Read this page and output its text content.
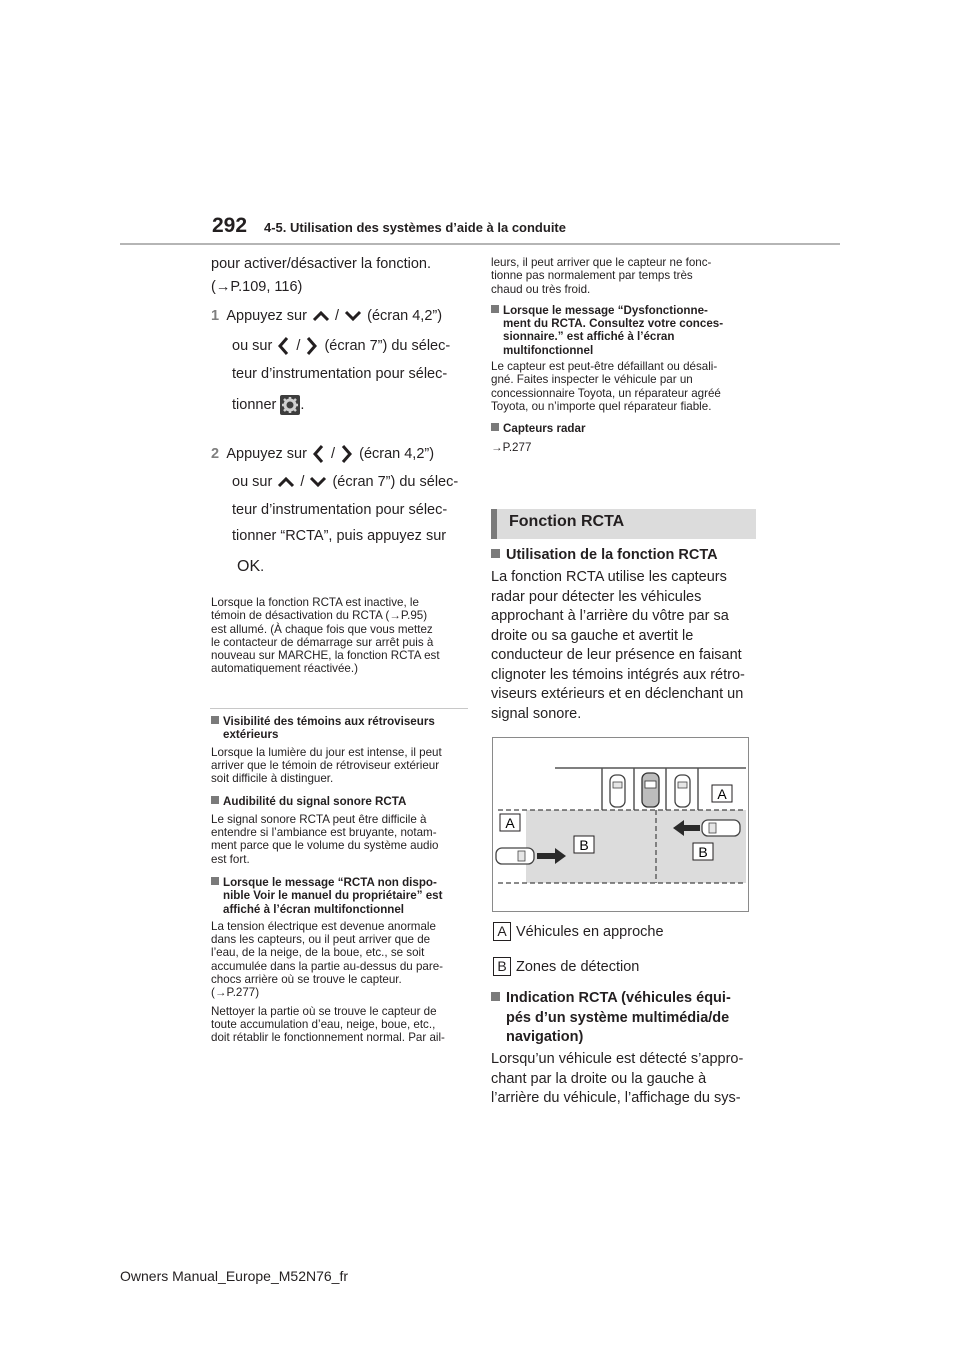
292 4-5. Utilisation des systèmes d’aide à la conduite
pour activer/désactiver la fonction.
(→P.109, 116)
1 Appuyez sur / (écran 4,2”)
ou sur / (écran 7”) du sélec-
teur d’instrumentation pour sélec-
tionner .
2 Appuyez sur / (écran 4,2”)
ou sur / (écran 7”) du sélec-
teur d’instrumentation pour sélec-
tionner “RCTA”, puis appuyez sur
OK.
Lorsque la fonction RCTA est inactive, le
témoin de désactivation du RCTA (→P.95)
est allumé. (À chaque fois que vous mettez
le contacteur de démarrage sur arrêt puis à
nouveau sur MARCHE, la fonction RCTA est
automatiquement réactivée.)
Visibilité des témoins aux rétroviseurs
extérieurs
Lorsque la lumière du jour est intense, il peut
arriver que le témoin de rétroviseur extérieur
soit difficile à distinguer.
Audibilité du signal sonore RCTA
Le signal sonore RCTA peut être difficile à
entendre si l’ambiance est bruyante, notam-
ment parce que le volume du système audio
est fort.
Lorsque le message “RCTA non dispo-
nible Voir le manuel du propriétaire” est
affiché à l’écran multifonctionnel
La tension électrique est devenue anormale
dans les capteurs, ou il peut arriver que de
l’eau, de la neige, de la boue, etc., se soit
accumulée dans la partie au-dessus du pare-
chocs arrière où se trouve le capteur.
(→P.277)
Nettoyer la partie où se trouve le capteur de
toute accumulation d’eau, neige, boue, etc.,
doit rétablir le fonctionnement normal. Par ail-
leurs, il peut arriver que le capteur ne fonc-
tionne pas normalement par temps très
chaud ou très froid.
Lorsque le message “Dysfonctionne-
ment du RCTA. Consultez votre conces-
sionnaire.” est affiché à l’écran
multifonctionnel
Le capteur est peut-être défaillant ou désali-
gné. Faites inspecter le véhicule par un
concessionnaire Toyota, un réparateur agréé
Toyota, ou n’importe quel réparateur fiable.
Capteurs radar
→P.277
Fonction RCTA
Utilisation de la fonction RCTA
La fonction RCTA utilise les capteurs
radar pour détecter les véhicules
approchant à l’arrière du vôtre par sa
droite ou sa gauche et avertit le
conducteur de leur présence en faisant
clignoter les témoins intégrés aux rétro-
viseurs extérieurs et en déclenchant un
signal sonore.
A
A
B	B
A Véhicules en approche
B Zones de détection
Indication RCTA (véhicules équi-
pés d’un système multimédia/de
navigation)
Lorsqu’un véhicule est détecté s’appro-
chant par la droite ou la gauche à
l’arrière du véhicule, l’affichage du sys-
Owners Manual_Europe_M52N76_fr
